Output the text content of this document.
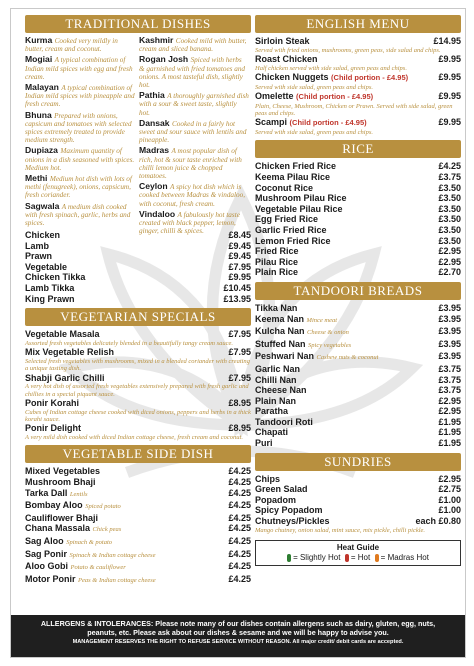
TRADITIONAL DISHES
Kurma Cooked very mildly in butter, cream and coconut.
Mogiai A typical combination of Indian mild spices with egg and fresh cream.
Malayan A typical combination of Indian mild spices with pineapple and fresh cream.
Bhuna Prepared with onions, capsicum and tomatoes with selected spices extremely treated to provide medium strength.
Dupiaza Maximum quantity of onions in a dish seasoned with spices. Medium hot.
Methi Medium hot dish with lots of methi (fenugreek), onions, capsicum, fresh coriander.
Sagwala A medium dish cooked with fresh spinach, garlic, herbs and spices.
Kashmir Cooked mild with butter, cream and sliced banana.
Rogan Josh Spiced with herbs & garnished with fried tomatoes and onions. A most tasteful dish, slightly hot.
Pathia A thoroughly garnished dish with a sour & sweet taste, slightly hot.
Dansak Cooked in a fairly hot sweet and sour sauce with lentils and pineapple.
Madras A most popular dish of rich, hot & sour taste enriched with chilli lemon juice & chopped tomatoes.
Ceylon A spicy hot dish which is cooked between Madras & vindaloo, with coconut, fresh cream.
Vindaloo A fabulously hot taste created with black pepper, lemon, ginger, chilli & spices.
Chicken	£8.45
Lamb	£9.45
Prawn	£9.45
Vegetable	£7.95
Chicken Tikka	£9.95
Lamb Tikka	£10.45
King Prawn	£13.95
VEGETARIAN SPECIALS
Vegetable Masala	£7.95
Assorted fresh vegetables delicately blended in a beautifully tangy cream sauce.
Mix Vegetable Relish	£7.95
Selected fresh vegetables with mushrooms, mixed in a blended coriander with creating a unique tasting dish.
Shabji Garlic Chilli	£7.95
A very hot dish of assorted fresh vegetables extensively prepared with fresh garlic and chillies in a special piquant sauce.
Ponir Korahi	£8.95
Cubes of Indian cottage cheese cooked with diced onions, peppers and herbs in a thick korahi sauce.
Ponir Delight	£8.95
A very mild dish cooked with diced Indian cottage cheese, fresh cream and coconut.
VEGETABLE SIDE DISH
Mixed Vegetables	£4.25
Mushroom Bhaji	£4.25
Tarka Dall Lentils	£4.25
Bombay Aloo Spiced potato	£4.25
Cauliflower Bhaji	£4.25
Chana Massala Chick peas	£4.25
Sag Aloo Spinach & potato	£4.25
Sag Ponir Spinach & Indian cottage cheese	£4.25
Aloo Gobi Potato & cauliflower	£4.25
Motor Ponir Peas & Indian cottage cheese	£4.25
ENGLISH MENU
Sirloin Steak	£14.95
Served with fried onions, mushrooms, green peas, side salad and chips.
Roast Chicken	£9.95
Half chicken served with side salad, green peas and chips.
Chicken Nuggets (Child portion - £4.95)	£9.95
Served with side salad, green peas and chips.
Omelette (Child portion - £4.95)	£9.95
Plain, Cheese, Mushroom, Chicken or Prawn. Served with side salad, green peas and chips.
Scampi (Child portion - £4.95)	£9.95
Served with side salad, green peas and chips.
RICE
Chicken Fried Rice	£4.25
Keema Pilau Rice	£3.75
Coconut Rice	£3.50
Mushroom Pilau Rice	£3.50
Vegetable Pilau Rice	£3.50
Egg Fried Rice	£3.50
Garlic Fried Rice	£3.50
Lemon Fried Rice	£3.50
Fried Rice	£2.95
Pilau Rice	£2.95
Plain Rice	£2.70
TANDOORI BREADS
Tikka Nan	£3.95
Keema Nan Mince meat	£3.95
Kulcha Nan Cheese & onion	£3.95
Stuffed Nan Spicy vegetables	£3.95
Peshwari Nan Cashew nuts & coconut	£3.95
Garlic Nan	£3.75
Chilli Nan	£3.75
Cheese Nan	£3.75
Plain Nan	£2.95
Paratha	£2.95
Tandoori Roti	£1.95
Chapati	£1.95
Puri	£1.95
SUNDRIES
Chips	£2.95
Green Salad	£2.75
Popadom	£1.00
Spicy Popadom	£1.00
Chutneys/Pickles	each £0.80
Mango chutney, onion salad, mint sauce, mix pickle, chilli pickle.
Heat Guide
= Slightly Hot = Hot = Madras Hot
ALLERGENS & INTOLERANCES: Please note many of our dishes contain allergens such as dairy, gluten, egg, nuts,
peanuts, etc. Please ask about our dishes & sesame and we will be happy to advise you.
MANAGEMENT RESERVES THE RIGHT TO REFUSE SERVICE WITHOUT REASON. All major credit/ debit cards are accepted.
